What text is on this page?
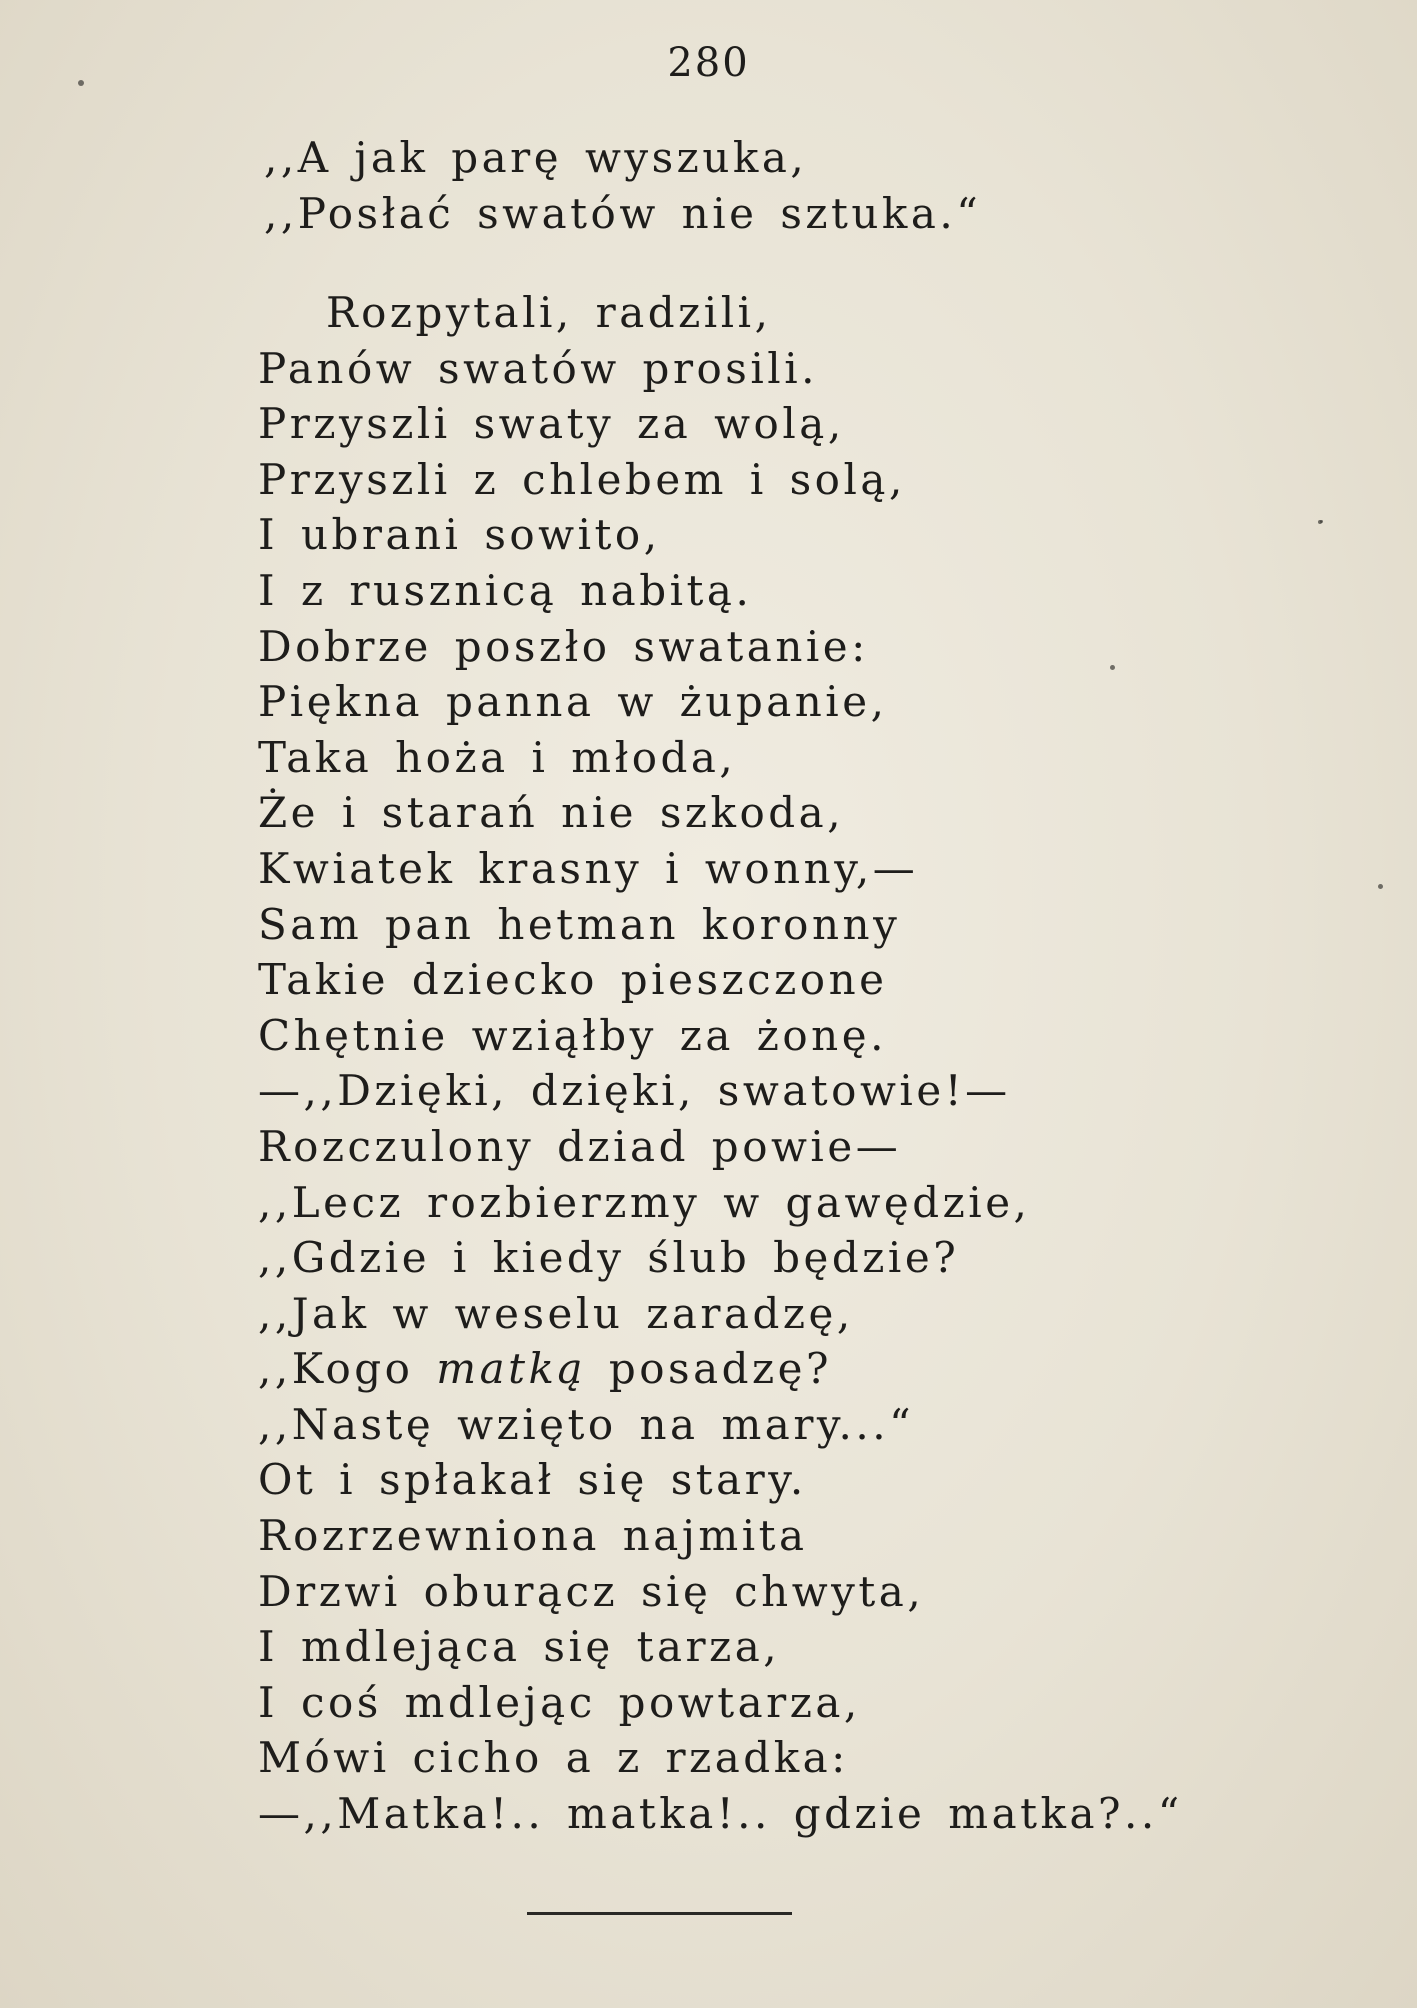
280
,,A jak parę wyszuka,
,,Posłać swatów nie sztuka.“
Rozpytali, radzili,
Panów swatów prosili.
Przyszli swaty za wolą,
Przyszli z chlebem i solą,
I ubrani sowito,
I z rusznicą nabitą.
Dobrze poszło swatanie:
Piękna panna w żupanie,
Taka hoża i młoda,
Że i starań nie szkoda,
Kwiatek krasny i wonny,—
Sam pan hetman koronny
Takie dziecko pieszczone
Chętnie wziąłby za żonę.
—,,Dzięki, dzięki, swatowie!—
Rozczulony dziad powie—
,,Lecz rozbierzmy w gawędzie,
,,Gdzie i kiedy ślub będzie?
,,Jak w weselu zaradzę,
,,Kogo matką posadzę?
,,Nastę wzięto na mary...“
Ot i spłakał się stary.
Rozrzewniona najmita
Drzwi oburącz się chwyta,
I mdlejąca się tarza,
I coś mdlejąc powtarza,
Mówi cicho a z rzadka:
—,,Matka!.. matka!.. gdzie matka?..“
